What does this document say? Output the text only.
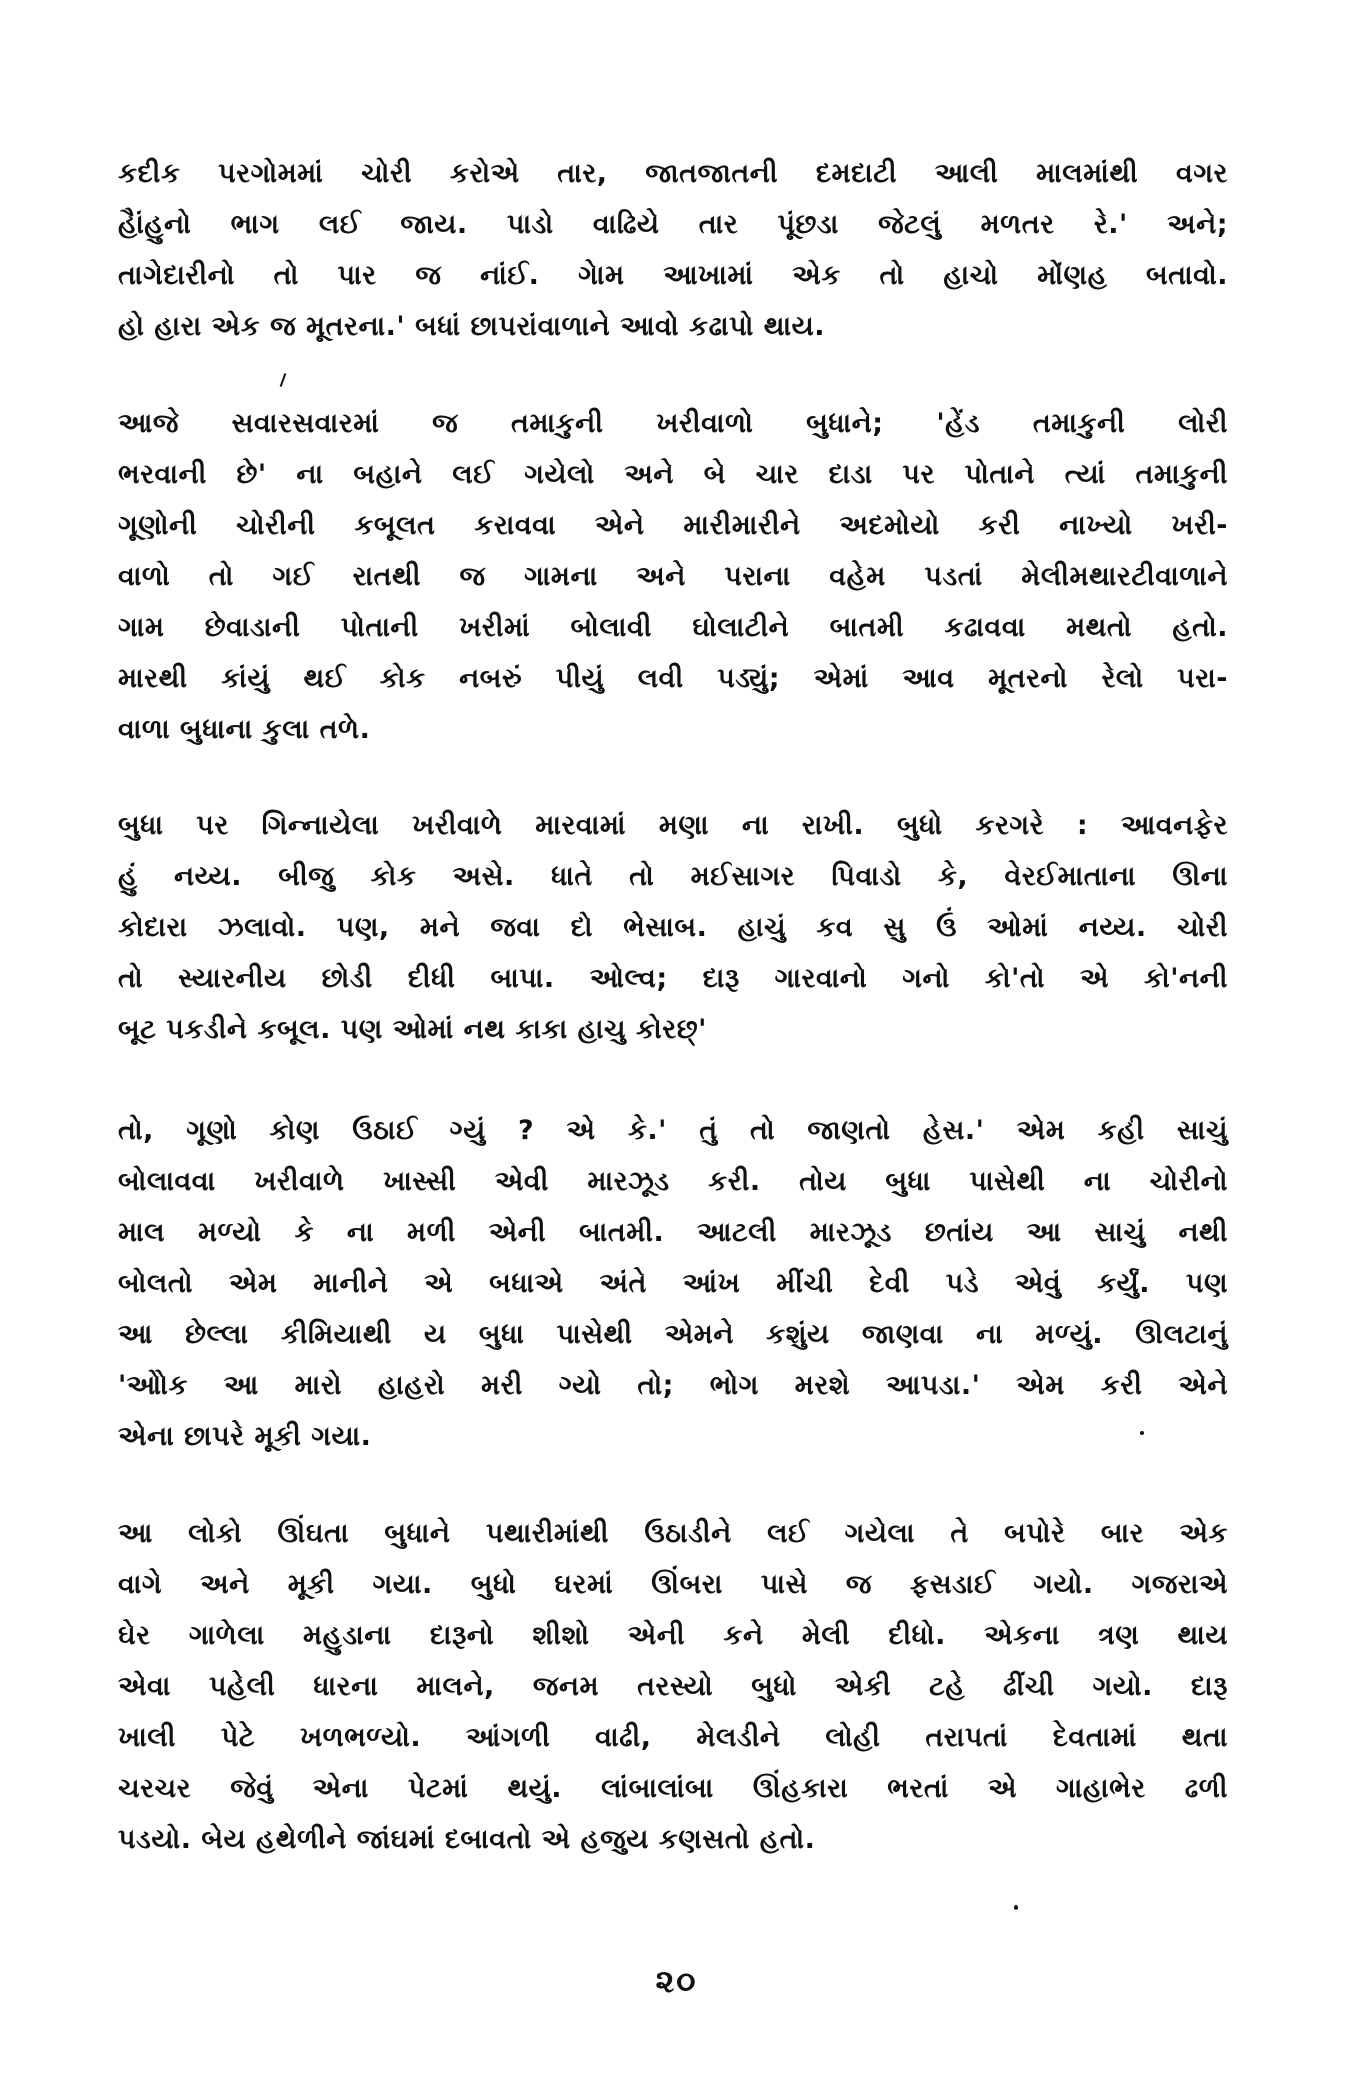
કદીક પરગોમમાં ચોરી કરોએ તાર, જાતજાતની દમદાટી આલી માલમાંથી વગર
હૈાંહુનો ભાગ લઈ જાય. પાડો વાઢિયે તાર પૂંછડા જેટલું મળતર રે.' અને;
તાગેદારીનો તો પાર જ નાંઈ. ગેામ આખામાં એક તો હાચો મોંણહ બતાવો.
હો હારા એક જ મૂતરના.' બધાં છાપરાંવાળાને આવો કઢાપો થાય.
આજે સવારસવારમાં જ તમાકુની ખરીવાળો બુધાને; 'હેંડ તમાકુની લોરી
ભરવાની છે' ના બહાને લઈ ગયેલો અને બે ચાર દાડા પર પોતાને ત્યાં તમાકુની
ગૂણોની ચોરીની કબૂલત કરાવવા એને મારીમારીને અદમોયો કરી નાખ્યો ખરી-
વાળો તો ગઈ રાતથી જ ગામના અને પરાના વહેમ પડતાં મેલીમથારટીવાળાને
ગામ છેવાડાની પોતાની ખરીમાં બોલાવી ઘોલાટીને બાતમી કઢાવવા મથતો હતો.
મારથી કાંયું થઈ કોક નબરું પીયું લવી પડ્યું; એમાં આવ મૂતરનો રેલો પરા-
વાળા બુધાના કુલા તળે.
બુધા પર ગિન્નાયેલા ખરીવાળે મારવામાં મણા ના રાખી. બુધો કરગરે : આવનફેર
હું નય્ય. બીજુ કોક અસે. ધાતે તો મઈસાગર પિવાડો કે, વેરઈમાતાના ઊના
કોદારા ઝલાવો. પણ, મને જવા દો ભેસાબ. હાચું કવ સુ ઉં ઓમાં નય્ય. ચોરી
તો સ્યારનીય છોડી દીધી બાપા. ઓલ્વ; દારૂ ગારવાનો ગનો કો'તો એ કો'નની
બૂટ પકડીને કબૂલ. પણ ઓમાં નથ કાકા હાચુ કોરછ્'
તો, ગૂણો કોણ ઉઠાઈ ગ્યું ? એ કે.' તું તો જાણતો હેસ.' એમ કહી સાચું
બોલાવવા ખરીવાળે ખાસ્સી એવી મારઝૂડ કરી. તોય બુધા પાસેથી ના ચોરીનો
માલ મળ્યો કે ના મળી એની બાતમી. આટલી મારઝૂડ છતાંય આ સાચું નથી
બોલતો એમ માનીને એ બધાએ અંતે આંખ મીંચી દેવી પડે એવું કર્યું. પણ
આ છેલ્લા કીમિયાથી ય બુધા પાસેથી એમને કશુંય જાણવા ના મળ્યું. ઊલટાનું
'ઓોક આ મારો હાહરો મરી ગ્યો તો; ભોગ મરશે આપડા.' એમ કરી એને
એના છાપરે મૂકી ગયા.
આ લોકો ઊંઘતા બુધાને પથારીમાંથી ઉઠાડીને લઈ ગયેલા તે બપોરે બાર એક
વાગે અને મૂકી ગયા. બુધો ઘરમાં ઊંબરા પાસે જ ફસડાઈ ગયો. ગજરાએ
ઘેર ગાળેલા મહુડાના દારૂનો શીશો એની કને મેલી દીધો. એકના ત્રણ થાય
એવા પહેલી ધારના માલને, જનમ તરસ્યો બુધો એકી ટહે ઢીંચી ગયો. દારૂ
ખાલી પેટે ખળભળ્યો. આંગળી વાઢી, મેલડીને લોહી તરાપતાં દેવતામાં થતા
ચરચર જેવું એના પેટમાં થયું. લાંબાલાંબા ઊંહકારા ભરતાં એ ગાહાભેર ઢળી
પડયો. બેય હથેળીને જાંઘમાં દબાવતો એ હજુય કણસતો હતો.
૨૦
